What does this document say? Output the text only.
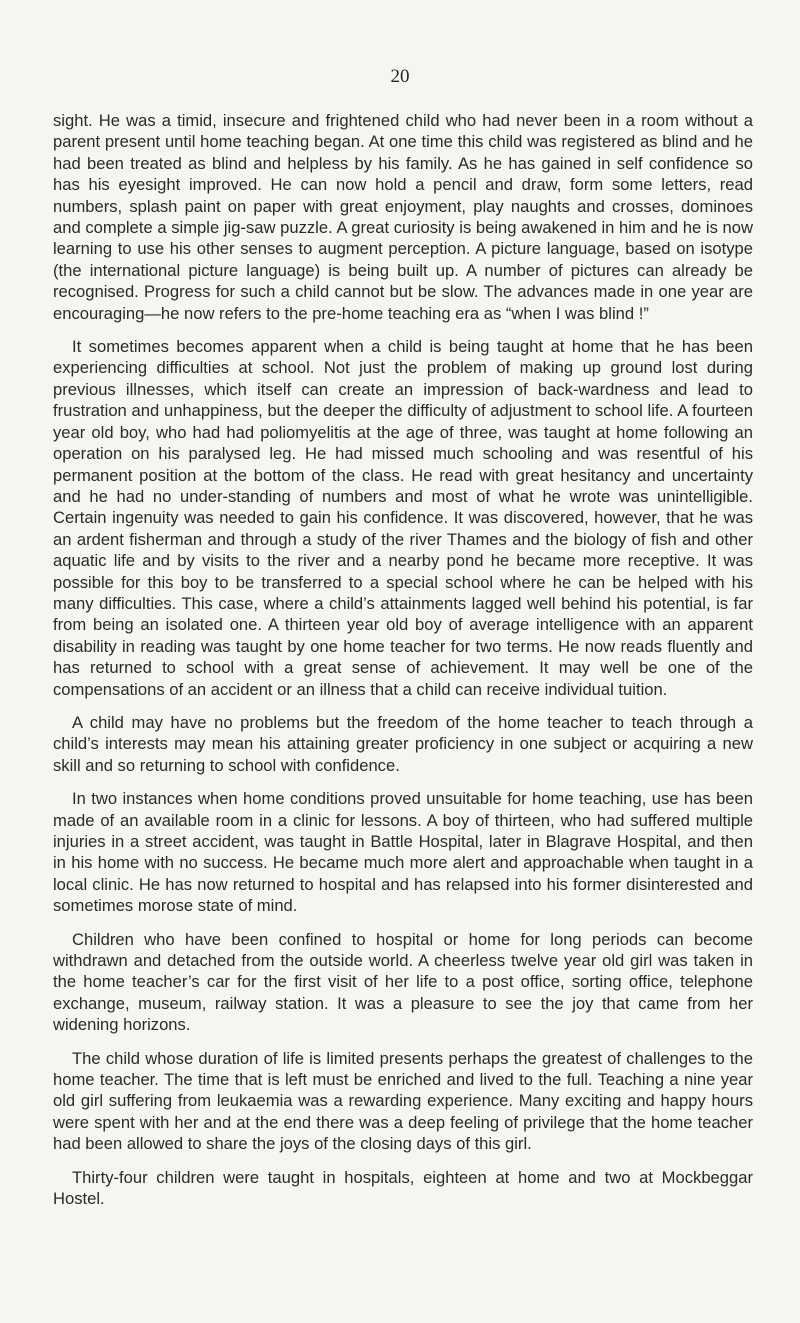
20

sight. He was a timid, insecure and frightened child who had never been in a room without a parent present until home teaching began. At one time this child was registered as blind and he had been treated as blind and helpless by his family. As he has gained in self confidence so has his eyesight improved. He can now hold a pencil and draw, form some letters, read numbers, splash paint on paper with great enjoyment, play naughts and crosses, dominoes and complete a simple jig-saw puzzle. A great curiosity is being awakened in him and he is now learning to use his other senses to augment perception. A picture language, based on isotype (the international picture language) is being built up. A number of pictures can already be recognised. Progress for such a child cannot but be slow. The advances made in one year are encouraging—he now refers to the pre-home teaching era as “when I was blind !”

It sometimes becomes apparent when a child is being taught at home that he has been experiencing difficulties at school. Not just the problem of making up ground lost during previous illnesses, which itself can create an impression of back-wardness and lead to frustration and unhappiness, but the deeper the difficulty of adjustment to school life. A fourteen year old boy, who had had poliomyelitis at the age of three, was taught at home following an operation on his paralysed leg. He had missed much schooling and was resentful of his permanent position at the bottom of the class. He read with great hesitancy and uncertainty and he had no under-standing of numbers and most of what he wrote was unintelligible. Certain ingenuity was needed to gain his confidence. It was discovered, however, that he was an ardent fisherman and through a study of the river Thames and the biology of fish and other aquatic life and by visits to the river and a nearby pond he became more receptive. It was possible for this boy to be transferred to a special school where he can be helped with his many difficulties. This case, where a child’s attainments lagged well behind his potential, is far from being an isolated one. A thirteen year old boy of average intelligence with an apparent disability in reading was taught by one home teacher for two terms. He now reads fluently and has returned to school with a great sense of achievement. It may well be one of the compensations of an accident or an illness that a child can receive individual tuition.

A child may have no problems but the freedom of the home teacher to teach through a child’s interests may mean his attaining greater proficiency in one subject or acquiring a new skill and so returning to school with confidence.

In two instances when home conditions proved unsuitable for home teaching, use has been made of an available room in a clinic for lessons. A boy of thirteen, who had suffered multiple injuries in a street accident, was taught in Battle Hospital, later in Blagrave Hospital, and then in his home with no success. He became much more alert and approachable when taught in a local clinic. He has now returned to hospital and has relapsed into his former disinterested and sometimes morose state of mind.

Children who have been confined to hospital or home for long periods can become withdrawn and detached from the outside world. A cheerless twelve year old girl was taken in the home teacher’s car for the first visit of her life to a post office, sorting office, telephone exchange, museum, railway station. It was a pleasure to see the joy that came from her widening horizons.

The child whose duration of life is limited presents perhaps the greatest of challenges to the home teacher. The time that is left must be enriched and lived to the full. Teaching a nine year old girl suffering from leukaemia was a rewarding experience. Many exciting and happy hours were spent with her and at the end there was a deep feeling of privilege that the home teacher had been allowed to share the joys of the closing days of this girl.

Thirty-four children were taught in hospitals, eighteen at home and two at Mockbeggar Hostel.
